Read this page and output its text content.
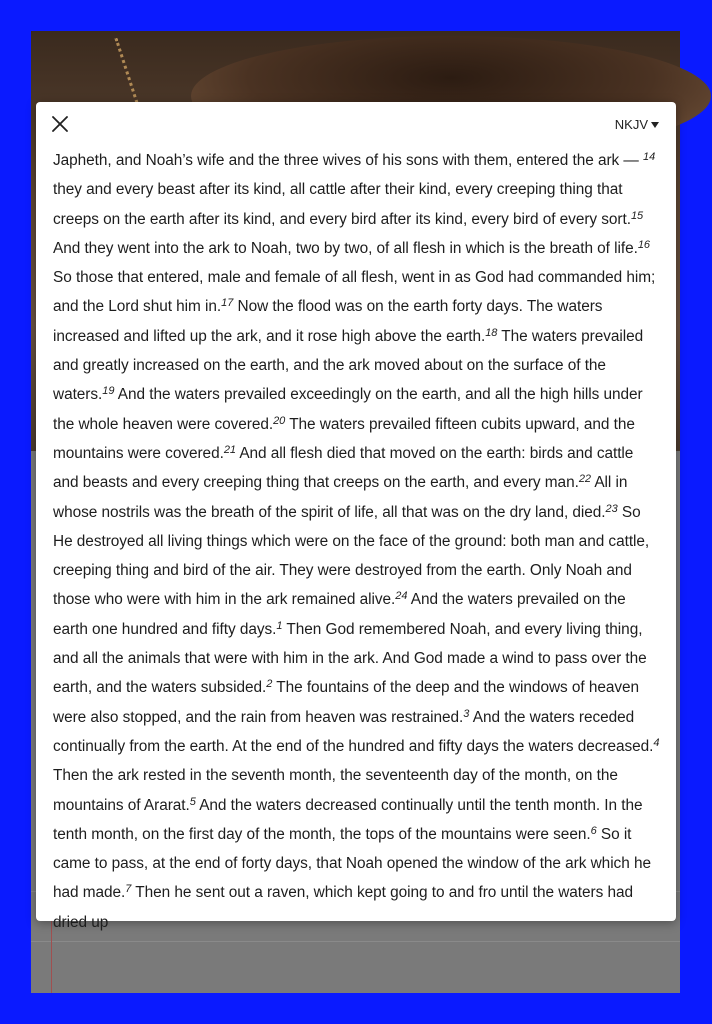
NKJV
Japheth, and Noah’s wife and the three wives of his sons with them, entered the ark — $^{14}$ they and every beast after its kind, all cattle after their kind, every creeping thing that creeps on the earth after its kind, and every bird after its kind, every bird of every sort.$^{15}$ And they went into the ark to Noah, two by two, of all flesh in which is the breath of life.$^{16}$ So those that entered, male and female of all flesh, went in as God had commanded him; and the Lord shut him in.$^{17}$ Now the flood was on the earth forty days. The waters increased and lifted up the ark, and it rose high above the earth.$^{18}$ The waters prevailed and greatly increased on the earth, and the ark moved about on the surface of the waters.$^{19}$ And the waters prevailed exceedingly on the earth, and all the high hills under the whole heaven were covered.$^{20}$ The waters prevailed fifteen cubits upward, and the mountains were covered.$^{21}$ And all flesh died that moved on the earth: birds and cattle and beasts and every creeping thing that creeps on the earth, and every man.$^{22}$ All in whose nostrils was the breath of the spirit of life, all that was on the dry land, died.$^{23}$ So He destroyed all living things which were on the face of the ground: both man and cattle, creeping thing and bird of the air. They were destroyed from the earth. Only Noah and those who were with him in the ark remained alive.$^{24}$ And the waters prevailed on the earth one hundred and fifty days.$^1$ Then God remembered Noah, and every living thing, and all the animals that were with him in the ark. And God made a wind to pass over the earth, and the waters subsided.$^2$ The fountains of the deep and the windows of heaven were also stopped, and the rain from heaven was restrained.$^3$ And the waters receded continually from the earth. At the end of the hundred and fifty days the waters decreased.$^4$ Then the ark rested in the seventh month, the seventeenth day of the month, on the mountains of Ararat.$^5$ And the waters decreased continually until the tenth month. In the tenth month, on the first day of the month, the tops of the mountains were seen.$^6$ So it came to pass, at the end of forty days, that Noah opened the window of the ark which he had made.$^7$ Then he sent out a raven, which kept going to and fro until the waters had dried up
